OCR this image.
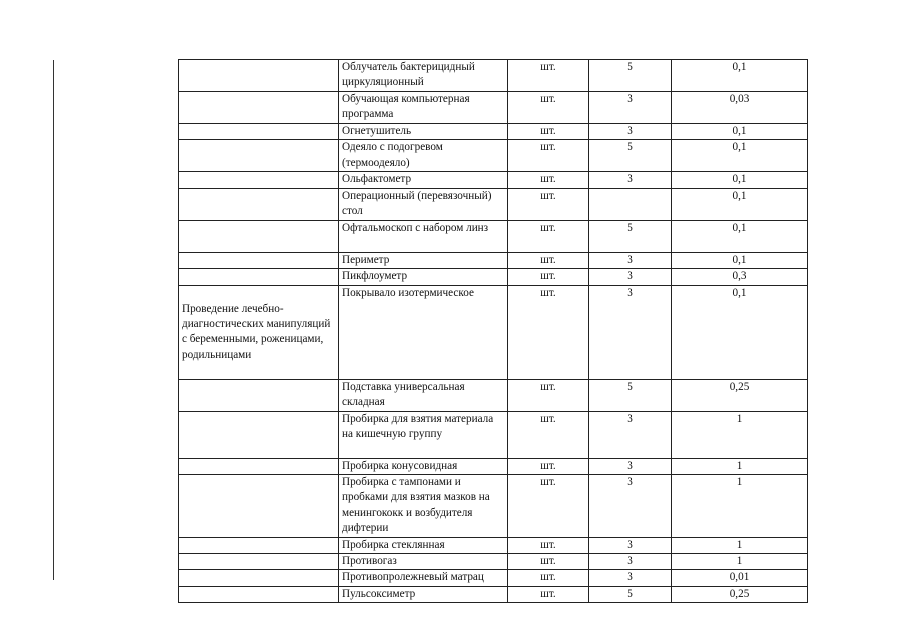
	Облучатель бактерицидный циркуляционный	шт.	5	0,1
	Обучающая компьютерная программа	шт.	3	0,03
	Огнетушитель	шт.	3	0,1
	Одеяло с подогревом (термоодеяло)	шт.	5	0,1
	Ольфактометр	шт.	3	0,1
	Операционный (перевязочный) стол	шт.		0,1
	Офтальмоскоп с набором линз	шт.	5	0,1
	Периметр	шт.	3	0,1
	Пикфлоуметр	шт.	3	0,3
Проведение лечебно-диагностических манипуляций с беременными, роженицами, родильницами	Покрывало изотермическое	шт.	3	0,1
	Подставка универсальная складная	шт.	5	0,25
	Пробирка для взятия материала на кишечную группу	шт.	3	1
	Пробирка конусовидная	шт.	3	1
	Пробирка с тампонами и пробками для взятия мазков на менингококк и возбудителя дифтерии	шт.	3	1
	Пробирка стеклянная	шт.	3	1
	Противогаз	шт.	3	1
	Противопролежневый матрац	шт.	3	0,01
	Пульсоксиметр	шт.	5	0,25
